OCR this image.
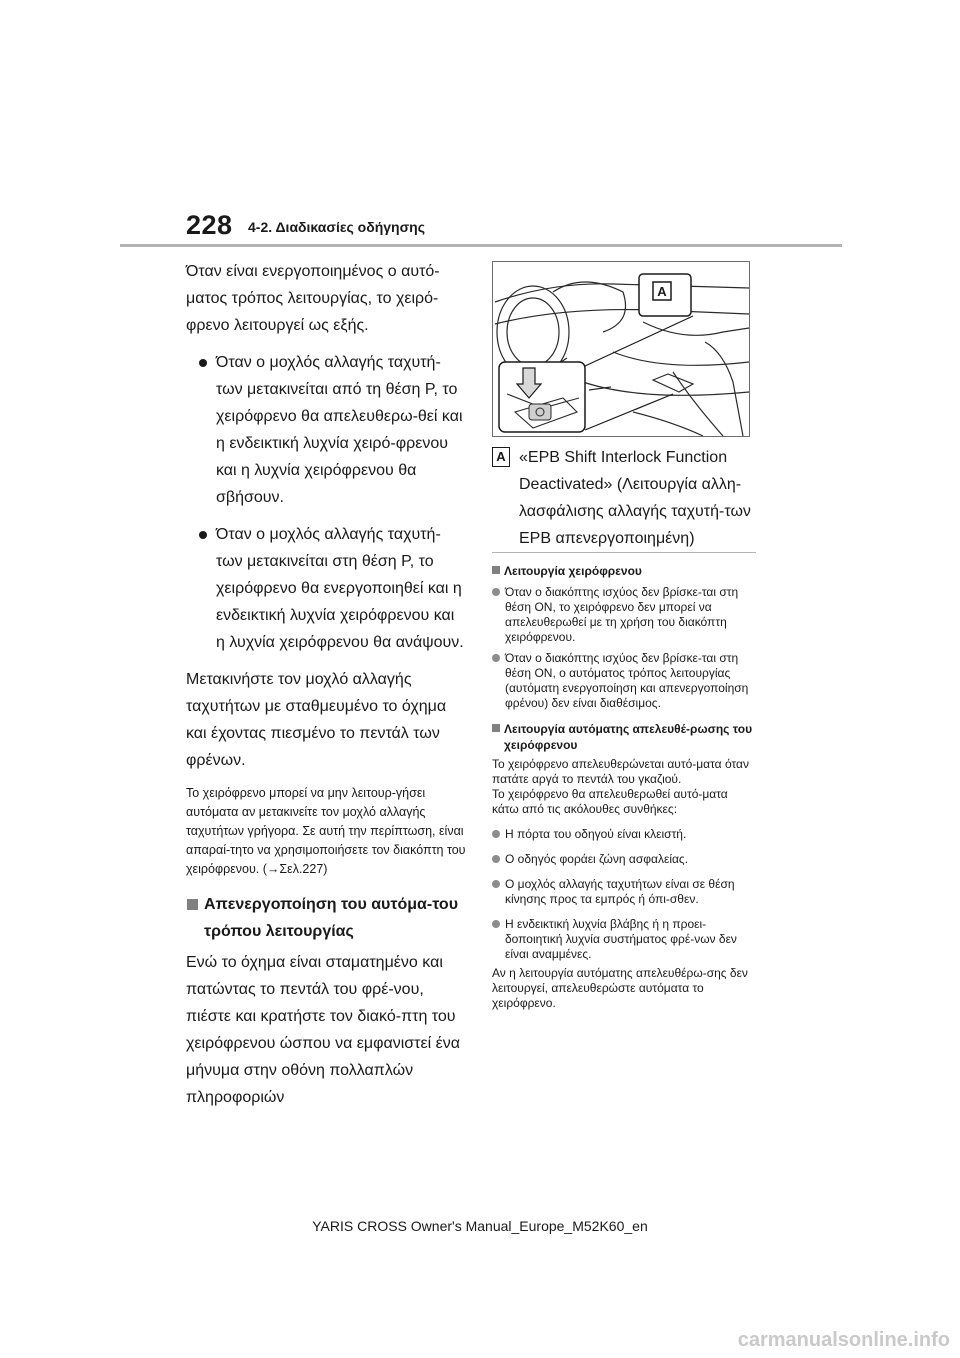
228 4-2. Διαδικασίες οδήγησης

Όταν είναι ενεργοποιημένος ο αυτό-ματος τρόπος λειτουργίας, το χειρό-φρενο λειτουργεί ως εξής.

Όταν ο μοχλός αλλαγής ταχυτή-των μετακινείται από τη θέση P, το χειρόφρενο θα απελευθερω-θεί και η ενδεικτική λυχνία χειρό-φρενου και η λυχνία χειρόφρενου θα σβήσουν.
Όταν ο μοχλός αλλαγής ταχυτή-των μετακινείται στη θέση P, το χειρόφρενο θα ενεργοποιηθεί και η ενδεικτική λυχνία χειρόφρενου και η λυχνία χειρόφρενου θα ανάψουν.

Μετακινήστε τον μοχλό αλλαγής ταχυτήτων με σταθμευμένο το όχημα και έχοντας πιεσμένο το πεντάλ των φρένων.

Το χειρόφρενο μπορεί να μην λειτουρ-γήσει αυτόματα αν μετακινείτε τον μοχλό αλλαγής ταχυτήτων γρήγορα. Σε αυτή την περίπτωση, είναι απαραί-τητο να χρησιμοποιήσετε τον διακόπτη του χειρόφρενου. (→Σελ.227)

Απενεργοποίηση του αυτόμα-του τρόπου λειτουργίας

Ενώ το όχημα είναι σταματημένο και πατώντας το πεντάλ του φρέ-νου, πιέστε και κρατήστε τον διακό-πτη του χειρόφρενου ώσπου να εμφανιστεί ένα μήνυμα στην οθόνη πολλαπλών πληροφοριών

A
A «EPB Shift Interlock Function Deactivated» (Λειτουργία αλλη-λασφάλισης αλλαγής ταχυτή-των EPB απενεργοποιημένη)
Λειτουργία χειρόφρενου
Όταν ο διακόπτης ισχύος δεν βρίσκε-ται στη θέση ON, το χειρόφρενο δεν μπορεί να απελευθερωθεί με τη χρήση του διακόπτη χειρόφρενου.
Όταν ο διακόπτης ισχύος δεν βρίσκε-ται στη θέση ON, ο αυτόματος τρόπος λειτουργίας (αυτόματη ενεργοποίηση και απενεργοποίηση φρένου) δεν είναι διαθέσιμος.
Λειτουργία αυτόματης απελευθέ-ρωσης του χειρόφρενου

Το χειρόφρενο απελευθερώνεται αυτό-ματα όταν πατάτε αργά το πεντάλ του γκαζιού.

Το χειρόφρενο θα απελευθερωθεί αυτό-ματα κάτω από τις ακόλουθες συνθήκες:

Η πόρτα του οδηγού είναι κλειστή.
Ο οδηγός φοράει ζώνη ασφαλείας.
Ο μοχλός αλλαγής ταχυτήτων είναι σε θέση κίνησης προς τα εμπρός ή όπι-σθεν.
Η ενδεικτική λυχνία βλάβης ή η προει-δοποιητική λυχνία συστήματος φρέ-νων δεν είναι αναμμένες.

Αν η λειτουργία αυτόματης απελευθέρω-σης δεν λειτουργεί, απελευθερώστε αυτόματα το χειρόφρενο.

YARIS CROSS Owner's Manual_Europe_M52K60_en
carmanualsonline.info
